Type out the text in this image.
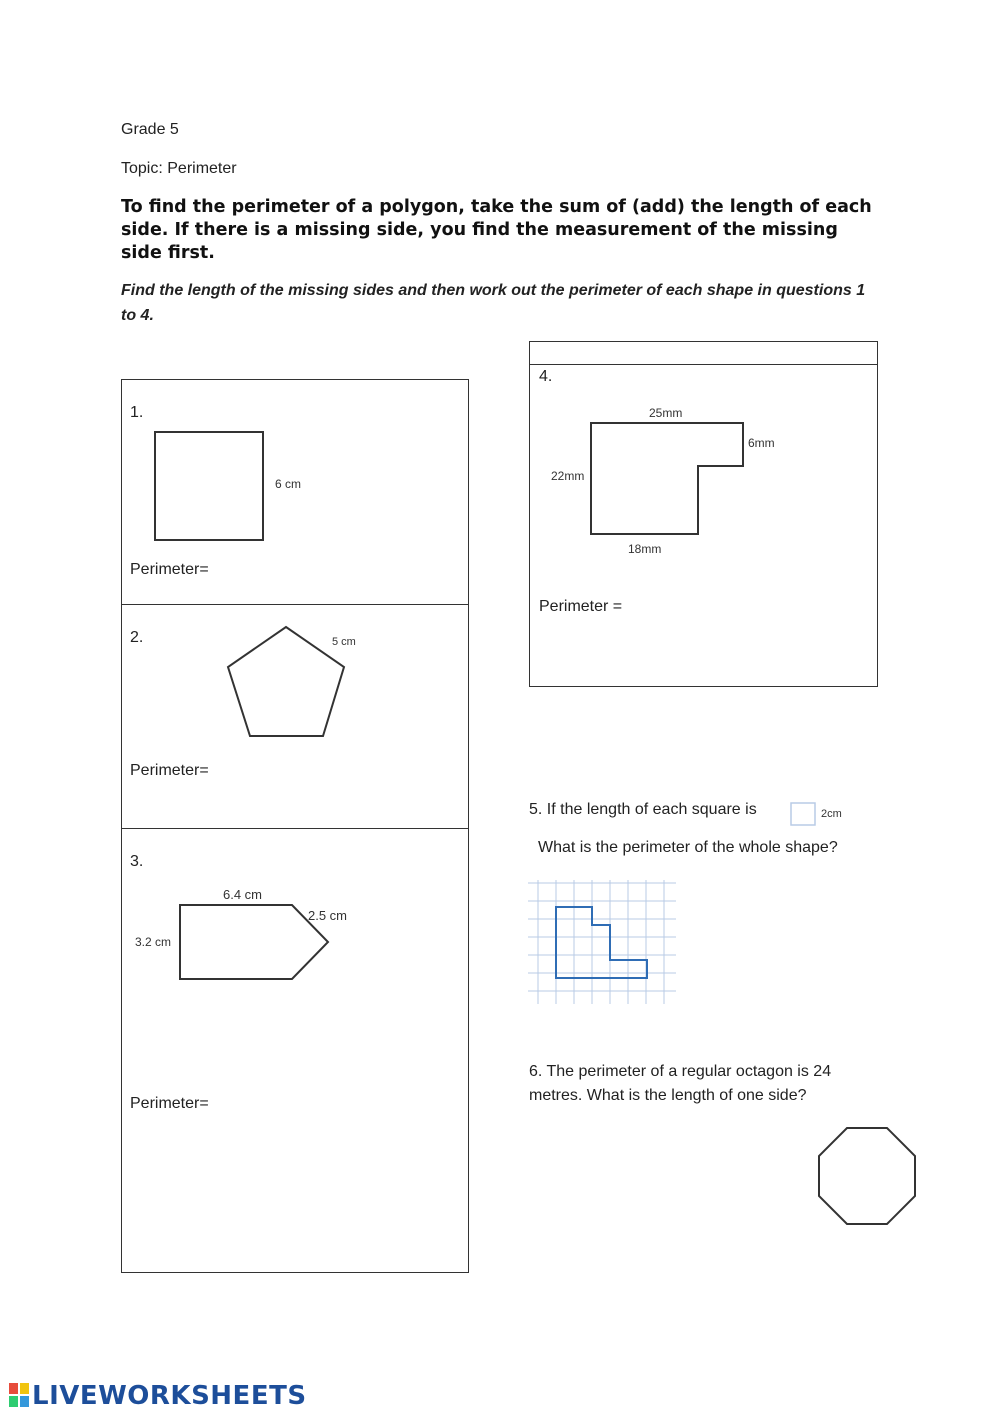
Grade 5
Topic: Perimeter
To find the perimeter of a polygon, take the sum of (add) the length of each side. If there is a missing side, you find the measurement of the missing side first.
Find the length of the missing sides and then work out the perimeter of each shape in questions 1 to 4.
1.
6 cm
Perimeter=
2.	5 cm
Perimeter=
3.
6.4 cm
3.2 cm
2.5 cm
Perimeter=
4.
25mm
6mm
22mm
18mm
Perimeter =
5. If the length of each square is	2cm
What is the perimeter of the whole shape?
6. The perimeter of a regular octagon is 24
metres. What is the length of one side?
LIVEWORKSHEETS
